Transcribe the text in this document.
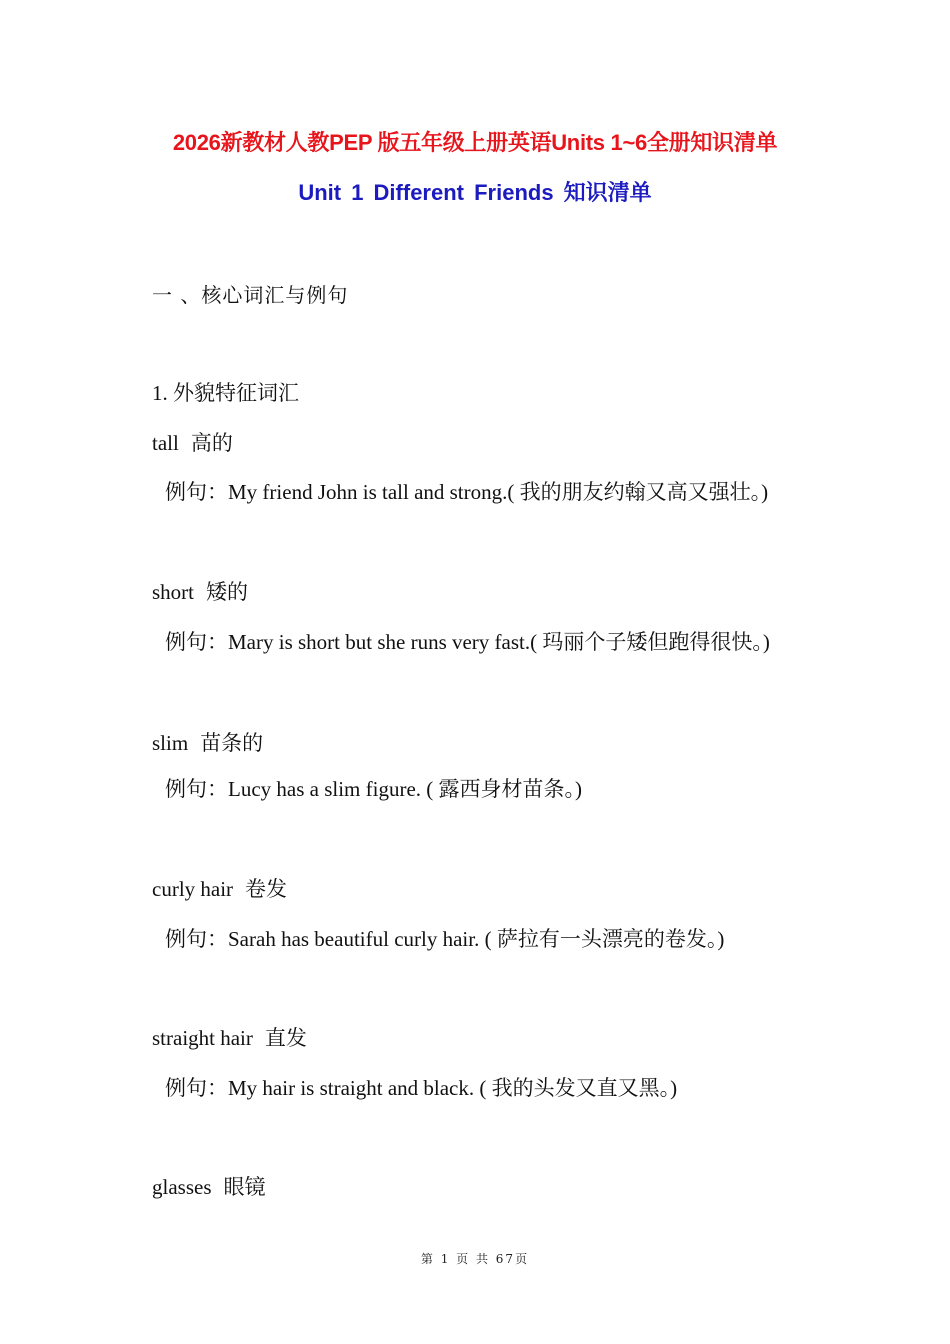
2026新教材人教PEP 版五年级上册英语Units 1~6全册知识清单
Unit 1 Different Friends 知识清单
一 、核心词汇与例句
1. 外貌特征词汇
tall 高的
例句：My friend John is tall and strong.( 我的朋友约翰又高又强壮。)
short 矮的
例句：Mary is short but she runs very fast.( 玛丽个子矮但跑得很快。)
slim 苗条的
例句：Lucy has a slim figure. ( 露西身材苗条。)
curly hair 卷发
例句：Sarah has beautiful curly hair. ( 萨拉有一头漂亮的卷发。)
straight hair 直发
例句：My hair is straight and black. ( 我的头发又直又黑。)
glasses 眼镜
第 1 页 共 67页
